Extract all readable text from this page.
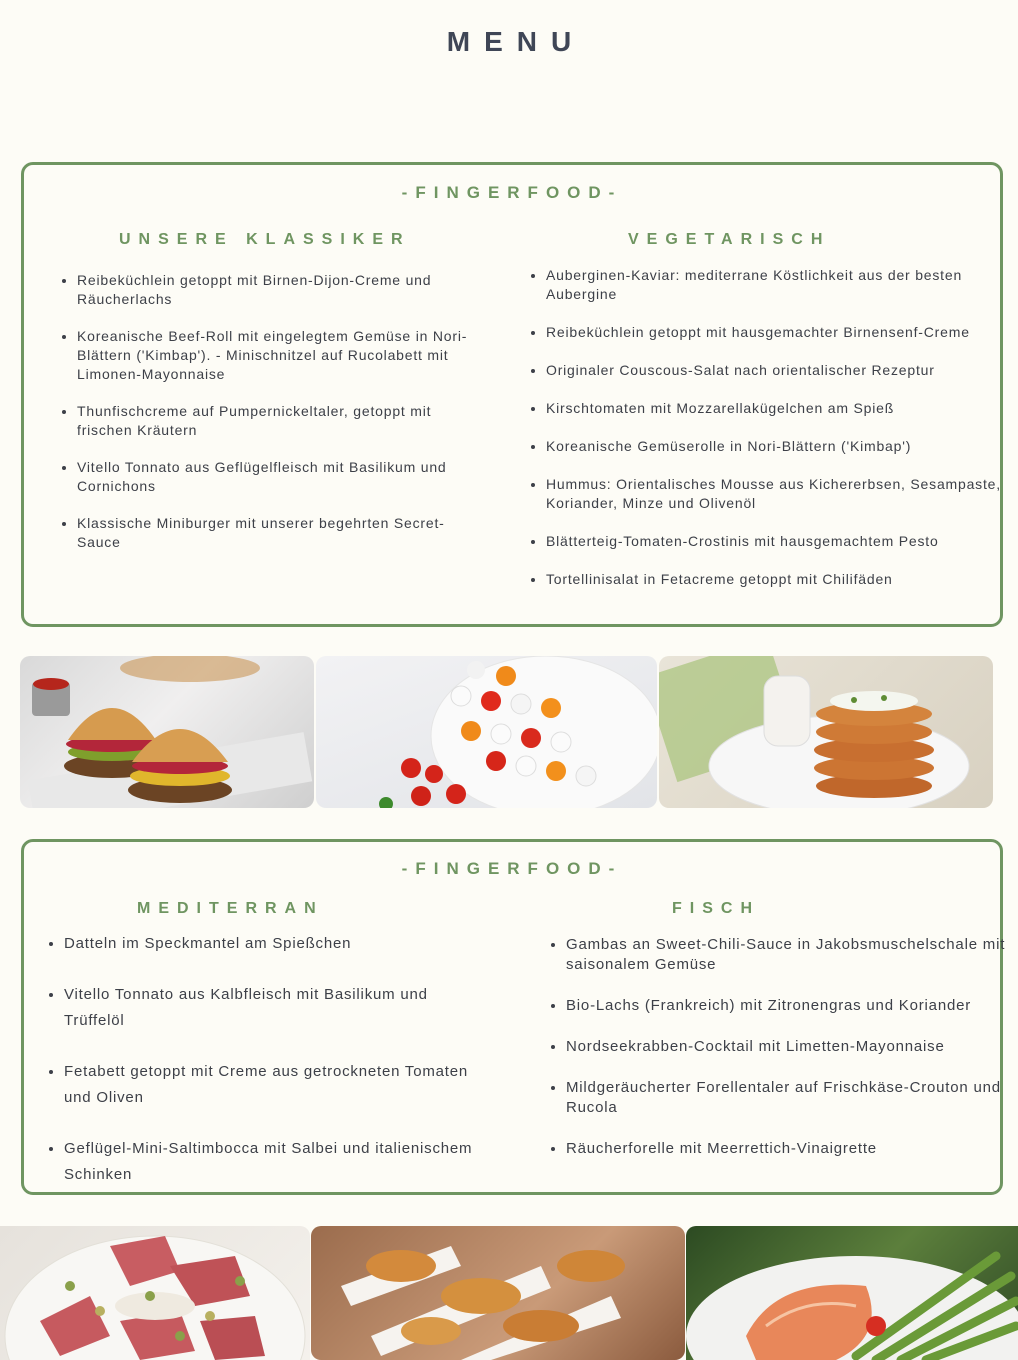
MENU
-FINGERFOOD-
UNSERE KLASSIKER	VEGETARISCH
• Reibeküchlein getoppt mit Birnen-Dijon-Creme und Räucherlachs
• Koreanische Beef-Roll mit eingelegtem Gemüse in Nori-Blättern ('Kimbap'). - Minischnitzel auf Rucolabett mit Limonen-Mayonnaise
• Thunfischcreme auf Pumpernickeltaler, getoppt mit frischen Kräutern
• Vitello Tonnato aus Geflügelfleisch mit Basilikum und Cornichons
• Klassische Miniburger mit unserer begehrten Secret-Sauce
• Auberginen-Kaviar: mediterrane Köstlichkeit aus der besten Aubergine
• Reibeküchlein getoppt mit hausgemachter Birnensenf-Creme
• Originaler Couscous-Salat nach orientalischer Rezeptur
• Kirschtomaten mit Mozzarellakügelchen am Spieß
• Koreanische Gemüserolle in Nori-Blättern ('Kimbap')
• Hummus: Orientalisches Mousse aus Kichererbsen, Sesampaste, Koriander, Minze und Olivenöl
• Blätterteig-Tomaten-Crostinis mit hausgemachtem Pesto
• Tortellinisalat in Fetacreme getoppt mit Chilifäden
-FINGERFOOD-
MEDITERRAN	FISCH
• Datteln im Speckmantel am Spießchen
• Vitello Tonnato aus Kalbfleisch mit Basilikum und Trüffelöl
• Fetabett getoppt mit Creme aus getrockneten Tomaten und Oliven
• Geflügel-Mini-Saltimbocca mit Salbei und italienischem Schinken
• Gambas an Sweet-Chili-Sauce in Jakobsmuschelschale mit saisonalem Gemüse
• Bio-Lachs (Frankreich) mit Zitronengras und Koriander
• Nordseekrabben-Cocktail mit Limetten-Mayonnaise
• Mildgeräucherter Forellentaler auf Frischkäse-Crouton und Rucola
• Räucherforelle mit Meerrettich-Vinaigrette
